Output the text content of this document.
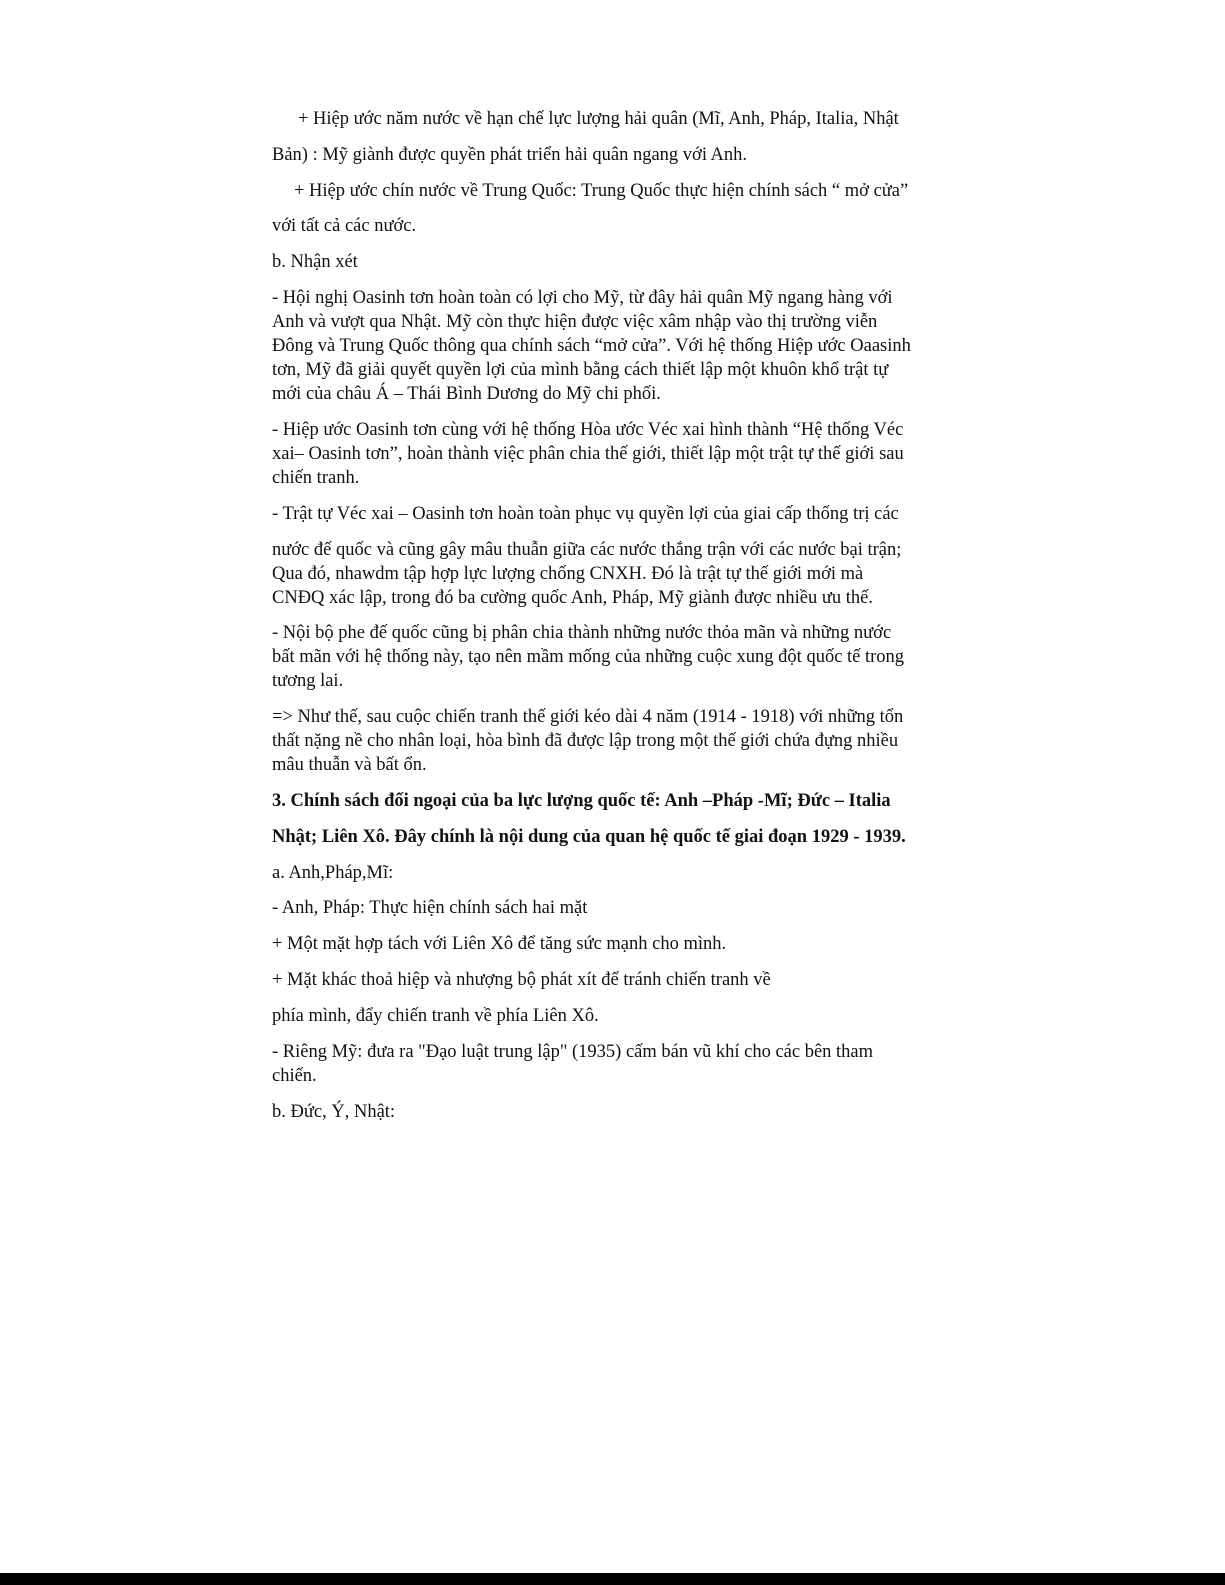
+ Hiệp ước năm nước về hạn chế lực lượng hải quân (Mĩ, Anh, Pháp, Italia, Nhật

Bản) : Mỹ giành được quyền phát triển hải quân ngang với Anh.

+ Hiệp ước chín nước về Trung Quốc: Trung Quốc thực hiện chính sách “ mở cửa”

với tất cả các nước.

b. Nhận xét

- Hội nghị Oasinh tơn hoàn toàn có lợi cho Mỹ, từ đây hải quân Mỹ ngang hàng với

Anh và vượt qua Nhật. Mỹ còn thực hiện được việc xâm nhập vào thị trường viễn

Đông và Trung Quốc thông qua chính sách “mở cửa”. Với hệ thống Hiệp ước Oaasinh

tơn, Mỹ đã giải quyết quyền lợi của mình bằng cách thiết lập một khuôn khổ trật tự

mới của châu Á – Thái Bình Dương do Mỹ chi phối.

- Hiệp ước Oasinh tơn cùng với hệ thống Hòa ước Véc xai hình thành “Hệ thống Véc

xai– Oasinh tơn”, hoàn thành việc phân chia thế giới, thiết lập một trật tự thế giới sau

chiến tranh.

- Trật tự Véc xai – Oasinh tơn hoàn toàn phục vụ quyền lợi của giai cấp thống trị các

nước đế quốc và cũng gây mâu thuẫn giữa các nước thắng trận với các nước bại trận;

Qua đó, nhawdm tập hợp lực lượng chống CNXH. Đó là trật tự thế giới mới mà

CNĐQ xác lập, trong đó ba cường quốc Anh, Pháp, Mỹ giành được nhiều ưu thế.

- Nội bộ phe đế quốc cũng bị phân chia thành những nước thỏa mãn và những nước

bất mãn với hệ thống này, tạo nên mầm mống của những cuộc xung đột quốc tế trong

tương lai.

=> Như thế, sau cuộc chiến tranh thế giới kéo dài 4 năm (1914 - 1918) với những tổn

thất nặng nề cho nhân loại, hòa bình đã được lập trong một thế giới chứa đựng nhiều

mâu thuẫn và bất ổn.

3. Chính sách đối ngoại của ba lực lượng quốc tế: Anh –Pháp -Mĩ; Đức – Italia

Nhật; Liên Xô. Đây chính là nội dung của quan hệ quốc tế giai đoạn 1929 - 1939.

a. Anh,Pháp,Mĩ:

- Anh, Pháp: Thực hiện chính sách hai mặt

+ Một mặt hợp tách với Liên Xô để tăng sức mạnh cho mình.

+ Mặt khác thoả hiệp và nhượng bộ phát xít để tránh chiến tranh về

phía mình, đẩy chiến tranh về phía Liên Xô.

- Riêng Mỹ: đưa ra "Đạo luật trung lập" (1935) cấm bán vũ khí cho các bên tham

chiến.

b. Đức, Ý, Nhật:
